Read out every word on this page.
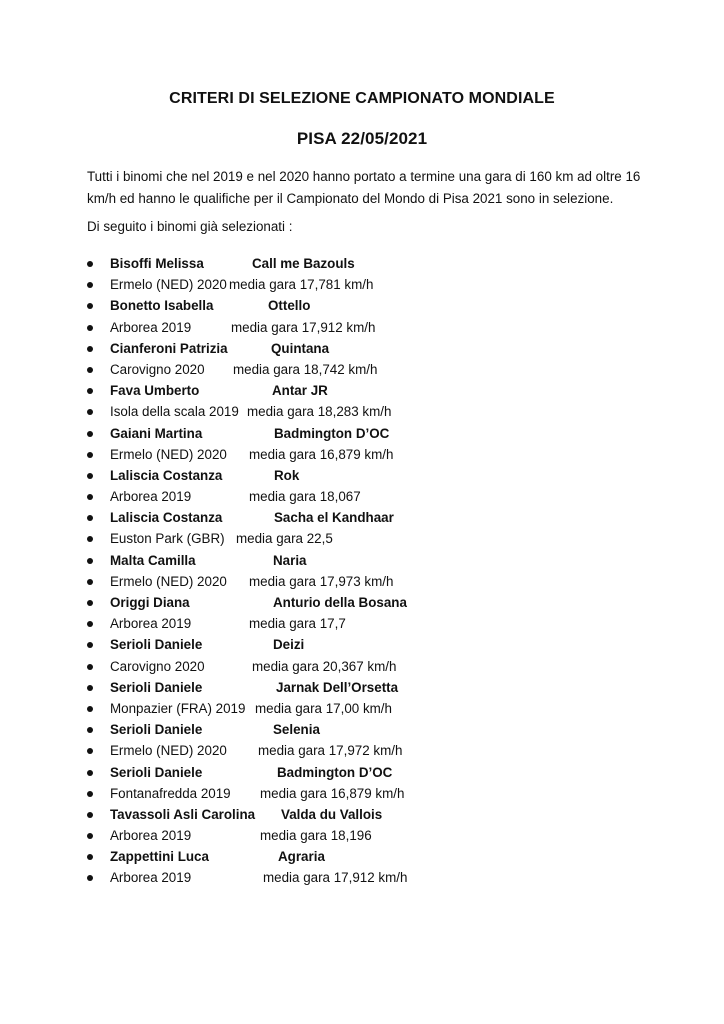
CRITERI DI SELEZIONE CAMPIONATO MONDIALE
PISA 22/05/2021
Tutti i binomi che nel 2019 e nel 2020 hanno portato a termine una gara di 160 km ad oltre 16 km/h ed hanno le qualifiche per il Campionato del Mondo di Pisa 2021 sono in selezione.
Di seguito i binomi già selezionati :
Bisoffi Melissa	Call me Bazouls
Ermelo (NED) 2020 media gara 17,781 km/h
Bonetto Isabella	Ottello
Arborea 2019	media gara 17,912 km/h
Cianferoni Patrizia	Quintana
Carovigno 2020 media gara 18,742 km/h
Fava Umberto	Antar JR
Isola della scala 2019 media gara 18,283 km/h
Gaiani Martina	Badmington D’OC
Ermelo (NED) 2020 media gara 16,879 km/h
Laliscia Costanza	Rok
Arborea 2019	media gara 18,067
Laliscia Costanza	Sacha el Kandhaar
Euston Park (GBR) media gara 22,5
Malta Camilla	Naria
Ermelo (NED) 2020 media gara 17,973 km/h
Origgi Diana	Anturio della Bosana
Arborea 2019	media gara 17,7
Serioli Daniele	Deizi
Carovigno 2020	media gara 20,367 km/h
Serioli Daniele	Jarnak Dell’Orsetta
Monpazier (FRA) 2019 media gara 17,00 km/h
Serioli Daniele	Selenia
Ermelo (NED) 2020 media gara 17,972 km/h
Serioli Daniele	Badmington D’OC
Fontanafredda 2019 media gara 16,879 km/h
Tavassoli Asli Carolina Valda du Vallois
Arborea 2019	media gara 18,196
Zappettini Luca	Agraria
Arborea 2019	media gara 17,912 km/h
